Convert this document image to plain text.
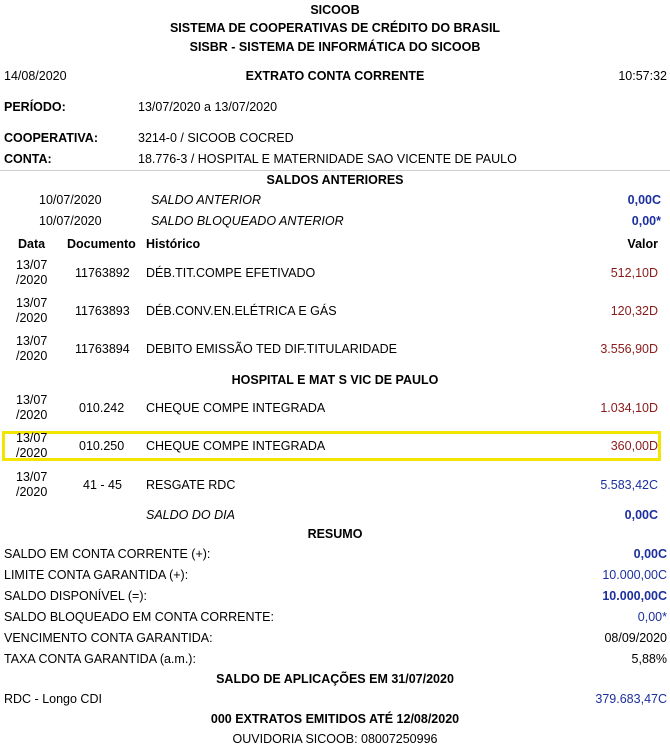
SICOOB
SISTEMA DE COOPERATIVAS DE CRÉDITO DO BRASIL
SISBR - SISTEMA DE INFORMÁTICA DO SICOOB
14/08/2020	EXTRATO CONTA CORRENTE	10:57:32
PERÍODO:	13/07/2020 a 13/07/2020
COOPERATIVA:	3214-0 / SICOOB COCRED
CONTA:	18.776-3 / HOSPITAL E MATERNIDADE SAO VICENTE DE PAULO
SALDOS ANTERIORES
10/07/2020	SALDO ANTERIOR	0,00C
10/07/2020	SALDO BLOQUEADO ANTERIOR	0,00*
Data Documento Histórico	Valor
13/07
/2020 11763892 DÉB.TIT.COMPE EFETIVADO	512,10D
13/07
/2020 11763893 DÉB.CONV.EN.ELÉTRICA E GÁS	120,32D
13/07
/2020 11763894 DEBITO EMISSÃO TED DIF.TITULARIDADE	3.556,90D
HOSPITAL E MAT S VIC DE PAULO
13/07
/2020	010.242 CHEQUE COMPE INTEGRADA	1.034,10D
13/07
/2020	010.250 CHEQUE COMPE INTEGRADA	360,00D
13/07
/2020	41 - 45 RESGATE RDC	5.583,42C
SALDO DO DIA	0,00C
RESUMO
SALDO EM CONTA CORRENTE (+):	0,00C
LIMITE CONTA GARANTIDA (+):	10.000,00C
SALDO DISPONÍVEL (=):	10.000,00C
SALDO BLOQUEADO EM CONTA CORRENTE:	0,00*
VENCIMENTO CONTA GARANTIDA:	08/09/2020
TAXA CONTA GARANTIDA (a.m.):	5,88%
SALDO DE APLICAÇÕES EM 31/07/2020
RDC - Longo CDI	379.683,47C
000 EXTRATOS EMITIDOS ATÉ 12/08/2020
OUVIDORIA SICOOB: 08007250996
